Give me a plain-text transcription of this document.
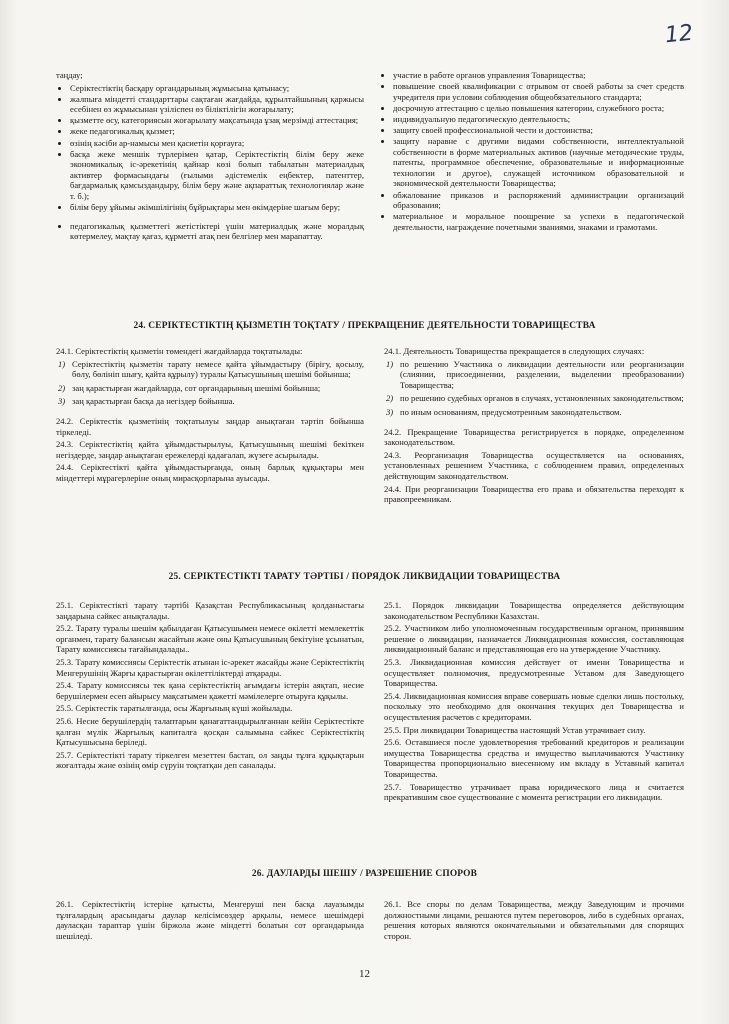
12

таңдау;

• Серіктестіктің басқару органдарының жұмысына қатынасу;
• жалпыға міндетті стандарттары сақтаған жағдайда, құрылтайшының қаржысы есебінен өз жұмысынан үзіліспен өз біліктілігін жоғарылату;
• қызметте өсу, категориясын жоғарылату мақсатында ұзақ мерзімді аттестация;
• жеке педагогикалық қызмет;
• өзінің кәсіби ар-намысы мен қасиетін қорғауға;
• басқа жеке меншік түрлерімен қатар, Серіктестіктің білім беру жеке экономикалық іс-әрекетінің қайнар көзі болып табылатын материалдық активтер формасындағы (ғылыми әдістемелік еңбектер, патенттер, бағдармалық қамсыздандыру, білім беру және ақпараттық технологиялар және т. б.);
• білім беру ұйымы әкімшілігінің бұйрықтары мен өкімдеріне шағым беру;
• педагогикалық қызметтегі жетістіктері үшін материалдық және моралдық көтермелеу, мақтау қағаз, құрметті атақ пен белгілер мен марапаттау.
• участие в работе органов управления Товарищества;
• повышение своей квалификации с отрывом от своей работы за счет средств учредителя при условии соблюдения общеобязательного стандарта;
• досрочную аттестацию с целью повышения категории, служебного роста;
• индивидуальную педагогическую деятельность;
• защиту своей профессиональной чести и достоинства;
• защиту наравне с другими видами собственности, интеллектуальной собственности в форме материальных активов (научные методические труды, патенты, программное обеспечение, образовательные и информационные технологии и другое), служащей источником образовательной и экономической деятельности Товарищества;
• обжалование приказов и распоряжений администрации организаций образования;
• материальное и моральное поощрение за успехи в педагогической деятельности, награждение почетными званиями, знаками и грамотами.
24. СЕРІКТЕСТІКТІҢ ҚЫЗМЕТІН ТОҚТАТУ / ПРЕКРАЩЕНИЕ ДЕЯТЕЛЬНОСТИ ТОВАРИЩЕСТВА

24.1. Серіктестіктің қызметін төмендегі жағдайларда тоқтатылады:

1) Серіктестіктің қызметін тарату немесе қайта ұйымдастыру (бірігу, қосылу, бөлу, бөлініп шығу, қайта құрылу) туралы Қатысушының шешімі бойынша;
2) заң қарастырған жағдайларда, сот органдарының шешімі бойынша;
3) заң қарастырған басқа да негіздер бойынша.

24.2. Серіктестік қызметінің тоқтатылуы заңдар анықтаған тәртіп бойынша тіркеледі.

24.3. Серіктестіктің қайта ұйымдастырылуы, Қатысушының шешімі бекіткен негіздерде, заңдар анықтаған ережелерді қадағалап, жүзеге асырылады.

24.4. Серіктестікті қайта ұйымдастырғанда, оның барлық құқықтары мен міндеттері мұрагерлеріне оның мирасқорларына ауысады.

24.1. Деятельность Товарищества прекращается в следующих случаях:

1) по решению Участника о ликвидации деятельности или реорганизации (слиянии, присоединении, разделении, выделении преобразовании) Товарищества;
2) по решению судебных органов в случаях, установленных законодательством;
3) по иным основаниям, предусмотренным законодательством.

24.2. Прекращение Товарищества регистрируется в порядке, определенном законодательством.

24.3. Реорганизация Товарищества осуществляется на основаниях, установленных решением Участника, с соблюдением правил, определенных действующим законодательством.

24.4. При реорганизации Товарищества его права и обязательства переходят к правопреемникам.

25. СЕРІКТЕСТІКТІ ТАРАТУ ТӘРТІБІ / ПОРЯДОК ЛИКВИДАЦИИ ТОВАРИЩЕСТВА

25.1. Серіктестікті тарату тәртібі Қазақстан Республикасының қолданыстағы заңдарына сәйкес анықталады.

25.2. Тарату туралы шешім қабылдаған Қатысушымен немесе өкілетті мемлекеттік органмен, тарату балансын жасайтын және оны Қатысушының бекітуіне ұсынатын, Тарату комиссиясы тағайындалады..

25.3. Тарату комиссиясы Серіктестік атынан іс-әрекет жасайды және Серіктестіктің Менгерушінің Жарғы қарастырған өкілеттіліктерді атқарады.

25.4. Тарату комиссиясы тек қана серіктестіктің ағымдағы істерін аяқтап, несие берушілермен есеп айырысу мақсатымен қажетті мәмілелерге отыруға құқылы.

25.5. Серіктестік таратылғанда, осы Жарғының күші жойылады.

25.6. Несие берушілердің талаптарын қанағаттандырылғаннан кейін Серіктестікте қалған мүлік Жарғылық капиталға қосқан салымына сәйкес Серіктестіктің Қатысушысына беріледі.

25.7. Серіктестікті тарату тіркелген мезеттен бастап, ол заңды тұлға құқықтарын жоғалтады және өзінің өмір сүруін тоқтатқан деп саналады.

25.1. Порядок ликвидации Товарищества определяется действующим законодательством Республики Казахстан.

25.2. Участником либо уполномоченным государственным органом, принявшим решение о ликвидации, назначается Ликвидационная комиссия, составляющая ликвидационный баланс и представляющая его на утверждение Участнику.

25.3. Ликвидационная комиссия действует от имени Товарищества и осуществляет полномочия, предусмотренные Уставом для Заведующего Товарищества.

25.4. Ликвидационная комиссия вправе совершать новые сделки лишь постольку, поскольку это необходимо для окончания текущих дел Товарищества и осуществления расчетов с кредиторами.

25.5. При ликвидации Товарищества настоящий Устав утрачивает силу.

25.6. Оставшиеся после удовлетворения требований кредиторов и реализации имущества Товарищества средства и имущество выплачиваются Участнику Товарищества пропорционально внесенному им вкладу в Уставный капитал Товарищества.

25.7. Товарищество утрачивает права юридического лица и считается прекратившим свое существование с момента регистрации его ликвидации.

26. ДАУЛАРДЫ ШЕШУ / РАЗРЕШЕНИЕ СПОРОВ

26.1. Серіктестіктің істеріне қатысты, Менгеруші пен басқа лауазымды тұлғалардың арасындағы даулар келісімсөздер арқылы, немесе шешімдері дауласқан тараптар үшін біржола және міндетті болатын сот органдарында шешіледі.

26.1. Все споры по делам Товарищества, между Заведующим и прочими должностными лицами, решаются путем переговоров, либо в судебных органах, решения которых являются окончательными и обязательными для спорящих сторон.

12
